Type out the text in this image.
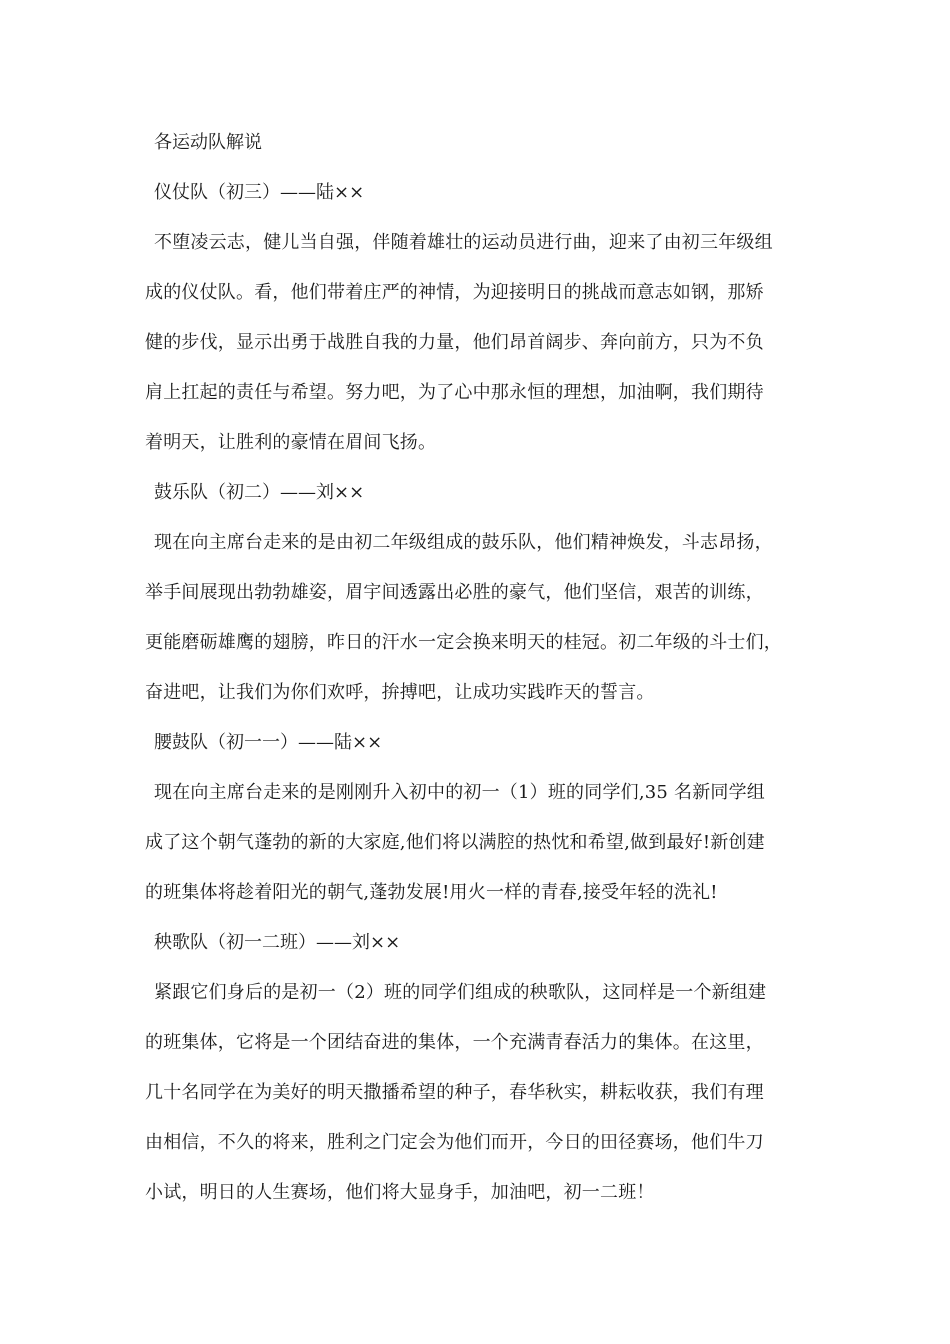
各运动队解说
仪仗队（初三）——陆××

不堕凌云志，健儿当自强，伴随着雄壮的运动员进行曲，迎来了由初三年级组

成的仪仗队。看，他们带着庄严的神情，为迎接明日的挑战而意志如钢，那矫

健的步伐，显示出勇于战胜自我的力量，他们昂首阔步、奔向前方，只为不负

肩上扛起的责任与希望。努力吧，为了心中那永恒的理想，加油啊，我们期待

着明天，让胜利的豪情在眉间飞扬。

鼓乐队（初二）——刘××

现在向主席台走来的是由初二年级组成的鼓乐队，他们精神焕发，斗志昂扬，

举手间展现出勃勃雄姿，眉宇间透露出必胜的豪气，他们坚信，艰苦的训练，

更能磨砺雄鹰的翅膀，昨日的汗水一定会换来明天的桂冠。初二年级的斗士们，

奋进吧，让我们为你们欢呼，拚搏吧，让成功实践昨天的誓言。

腰鼓队（初一一）——陆××

现在向主席台走来的是刚刚升入初中的初一（1）班的同学们,35 名新同学组

成了这个朝气蓬勃的新的大家庭,他们将以满腔的热忱和希望,做到最好!新创建

的班集体将趁着阳光的朝气,蓬勃发展!用火一样的青春,接受年轻的洗礼!

秧歌队（初一二班）——刘××

紧跟它们身后的是初一（2）班的同学们组成的秧歌队，这同样是一个新组建

的班集体，它将是一个团结奋进的集体，一个充满青春活力的集体。在这里，

几十名同学在为美好的明天撒播希望的种子，春华秋实，耕耘收获，我们有理

由相信，不久的将来，胜利之门定会为他们而开，今日的田径赛场，他们牛刀

小试，明日的人生赛场，他们将大显身手，加油吧，初一二班！
